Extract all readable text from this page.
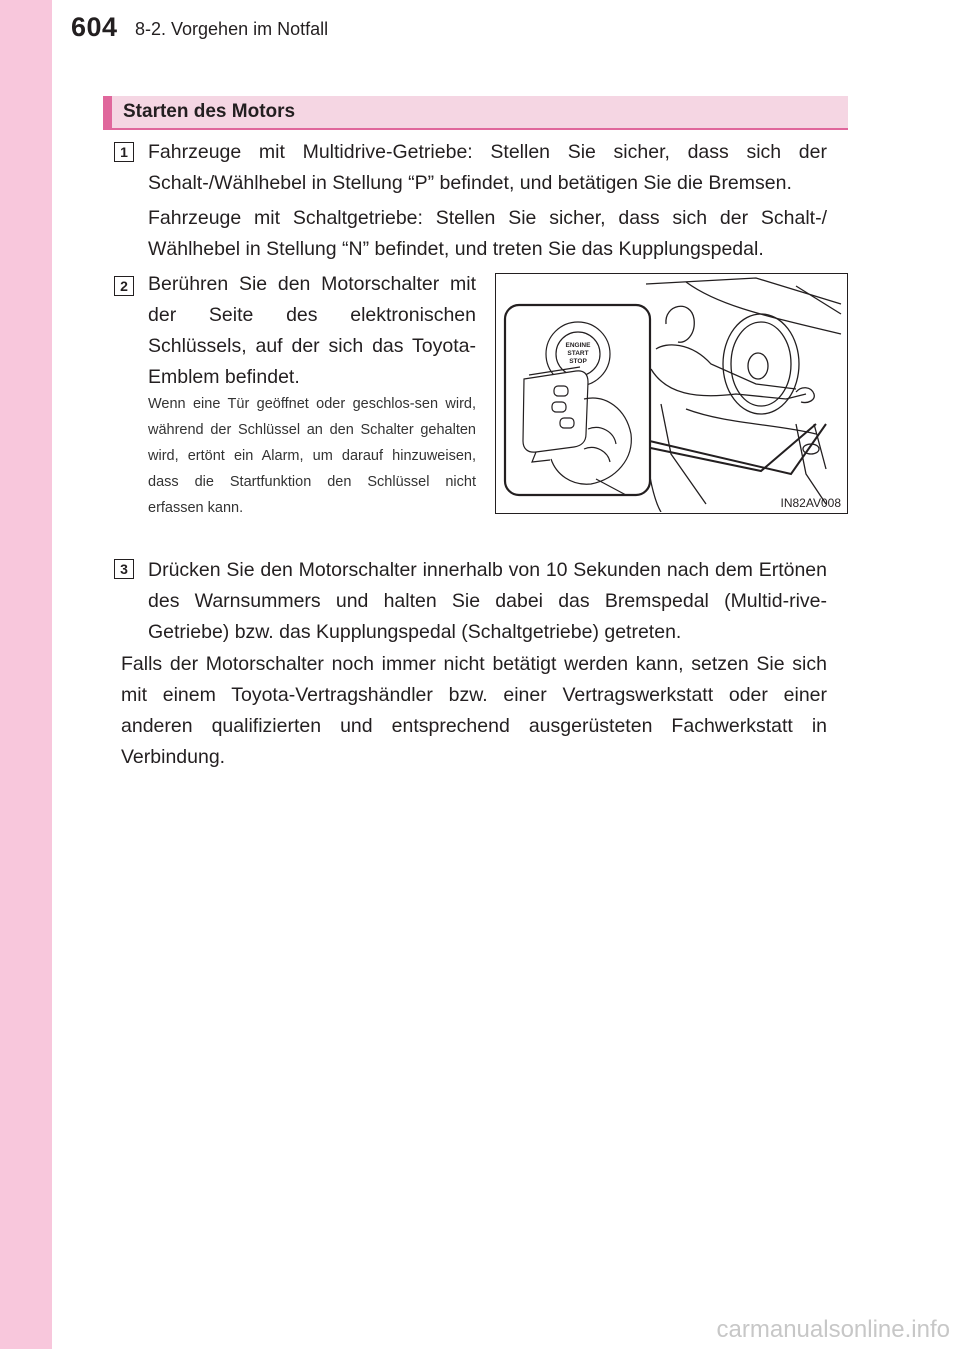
604 8-2. Vorgehen im Notfall
Starten des Motors
1	Fahrzeuge mit Multidrive-Getriebe: Stellen Sie sicher, dass sich der Schalt-/Wählhebel in Stellung “P” befindet, und betätigen Sie die Bremsen.
Fahrzeuge mit Schaltgetriebe: Stellen Sie sicher, dass sich der Schalt-/ Wählhebel in Stellung “N” befindet, und treten Sie das Kupplungspedal.
2	Berühren Sie den Motorschalter mit der Seite des elektronischen Schlüssels, auf der sich das Toyota-Emblem befindet.
Wenn eine Tür geöffnet oder geschlos-sen wird, während der Schlüssel an den Schalter gehalten wird, ertönt ein Alarm, um darauf hinzuweisen, dass die Startfunktion den Schlüssel nicht erfassen kann.
ENGINE
START
STOP
IN82AV008
3	Drücken Sie den Motorschalter innerhalb von 10 Sekunden nach dem Ertönen des Warnsummers und halten Sie dabei das Bremspedal (Multid-rive-Getriebe) bzw. das Kupplungspedal (Schaltgetriebe) getreten.
Falls der Motorschalter noch immer nicht betätigt werden kann, setzen Sie sich mit einem Toyota-Vertragshändler bzw. einer Vertragswerkstatt oder einer anderen qualifizierten und entsprechend ausgerüsteten Fachwerkstatt in Verbindung.
carmanualsonline.info
